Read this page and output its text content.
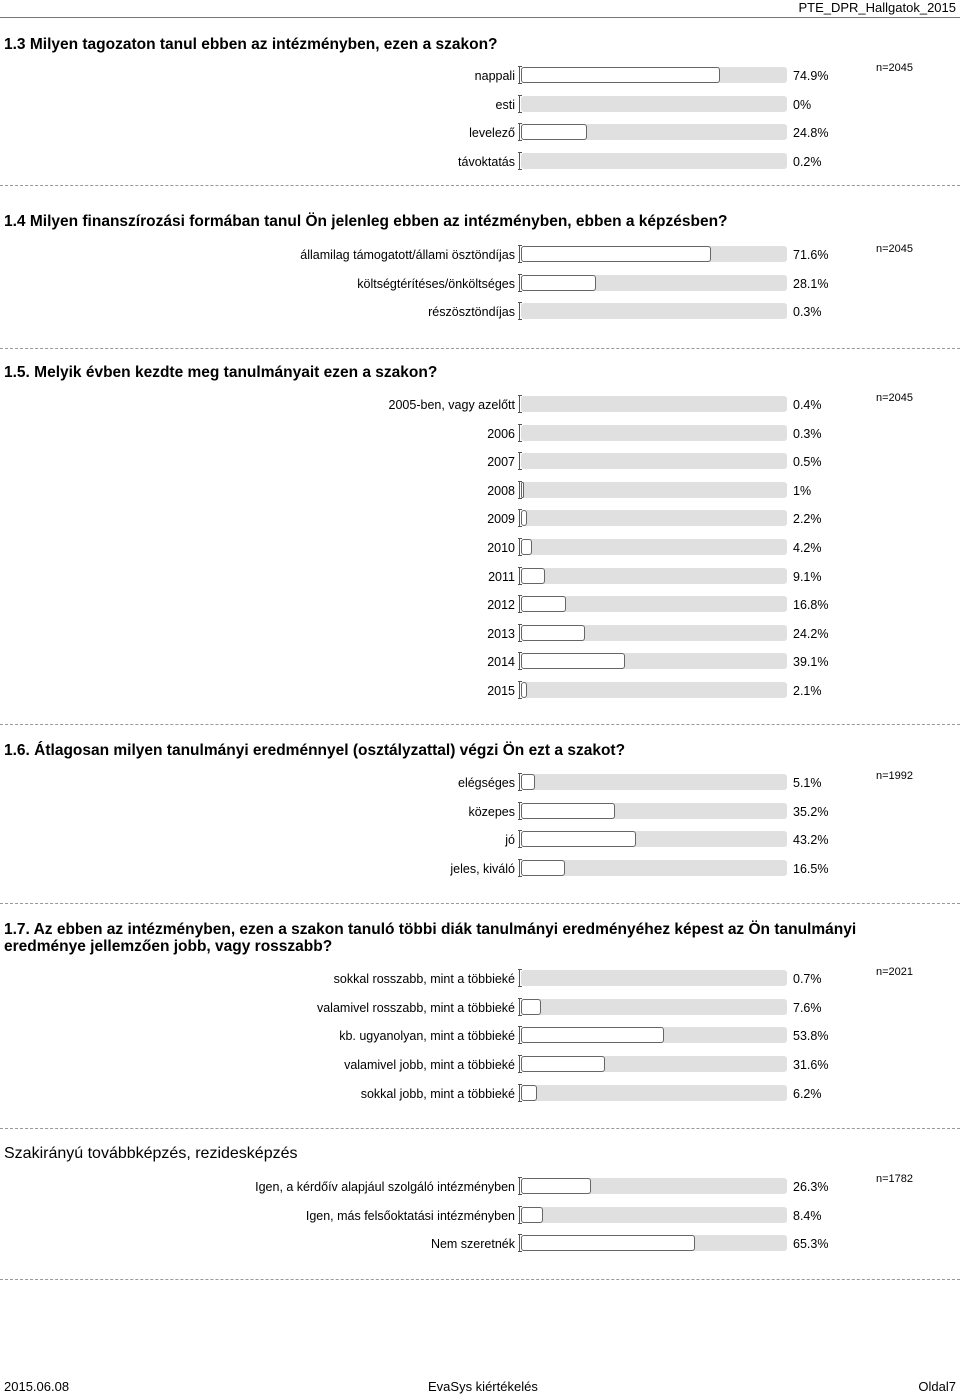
PTE_DPR_Hallgatok_2015
1.3 Milyen tagozaton tanul ebben az intézményben, ezen a szakon?
n=2045
nappali	74.9%
esti	0%
levelező	24.8%
távoktatás	0.2%
1.4 Milyen finanszírozási formában tanul Ön jelenleg ebben az intézményben, ebben a képzésben?
n=2045
államilag támogatott/állami ösztöndíjas	71.6%
költségtérítéses/önköltséges	28.1%
részösztöndíjas	0.3%
1.5. Melyik évben kezdte meg tanulmányait ezen a szakon?
n=2045
2005-ben, vagy azelőtt	0.4%
2006	0.3%
2007	0.5%
2008	1%
2009	2.2%
2010	4.2%
2011	9.1%
2012	16.8%
2013	24.2%
2014	39.1%
2015	2.1%
1.6. Átlagosan milyen tanulmányi eredménnyel (osztályzattal) végzi Ön ezt a szakot?
n=1992
elégséges	5.1%
közepes	35.2%
jó	43.2%
jeles, kiváló	16.5%
1.7. Az ebben az intézményben, ezen a szakon tanuló többi diák tanulmányi eredményéhez képest az Ön tanulmányi eredménye jellemzően jobb, vagy rosszabb?
n=2021
sokkal rosszabb, mint a többieké	0.7%
valamivel rosszabb, mint a többieké	7.6%
kb. ugyanolyan, mint a többieké	53.8%
valamivel jobb, mint a többieké	31.6%
sokkal jobb, mint a többieké	6.2%
Szakirányú továbbképzés, rezidesképzés
n=1782
Igen, a kérdőív alapjául szolgáló intézményben	26.3%
Igen, más felsőoktatási intézményben	8.4%
Nem szeretnék	65.3%
2015.06.08	EvaSys kiértékelés	Oldal7
